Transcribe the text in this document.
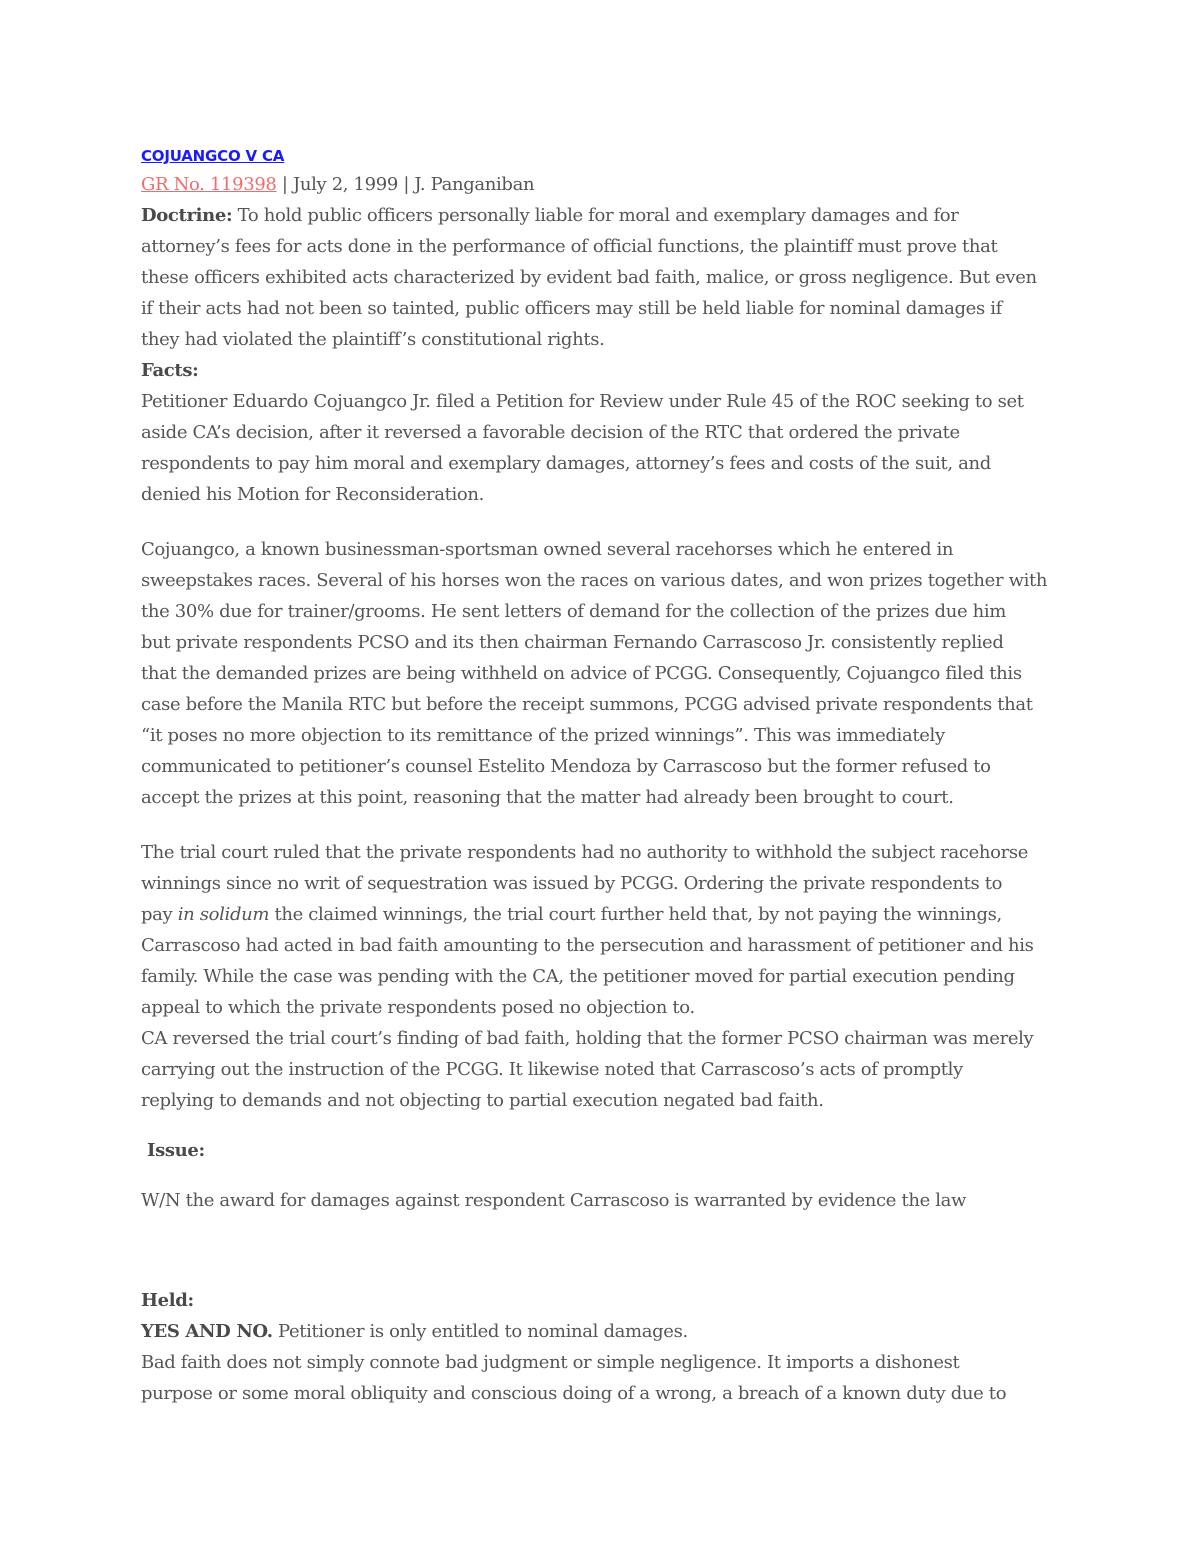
COJUANGCO V CA
GR No. 119398 | July 2, 1999 | J. Panganiban
Doctrine: To hold public officers personally liable for moral and exemplary damages and for
attorney’s fees for acts done in the performance of official functions, the plaintiff must prove that
these officers exhibited acts characterized by evident bad faith, malice, or gross negligence. But even
if their acts had not been so tainted, public officers may still be held liable for nominal damages if
they had violated the plaintiff’s constitutional rights.
Facts:
Petitioner Eduardo Cojuangco Jr. filed a Petition for Review under Rule 45 of the ROC seeking to set
aside CA’s decision, after it reversed a favorable decision of the RTC that ordered the private
respondents to pay him moral and exemplary damages, attorney’s fees and costs of the suit, and
denied his Motion for Reconsideration.
Cojuangco, a known businessman-sportsman owned several racehorses which he entered in
sweepstakes races. Several of his horses won the races on various dates, and won prizes together with
the 30% due for trainer/grooms. He sent letters of demand for the collection of the prizes due him
but private respondents PCSO and its then chairman Fernando Carrascoso Jr. consistently replied
that the demanded prizes are being withheld on advice of PCGG. Consequently, Cojuangco filed this
case before the Manila RTC but before the receipt summons, PCGG advised private respondents that
“it poses no more objection to its remittance of the prized winnings”. This was immediately
communicated to petitioner’s counsel Estelito Mendoza by Carrascoso but the former refused to
accept the prizes at this point, reasoning that the matter had already been brought to court.
The trial court ruled that the private respondents had no authority to withhold the subject racehorse
winnings since no writ of sequestration was issued by PCGG. Ordering the private respondents to
pay in solidum the claimed winnings, the trial court further held that, by not paying the winnings,
Carrascoso had acted in bad faith amounting to the persecution and harassment of petitioner and his
family. While the case was pending with the CA, the petitioner moved for partial execution pending
appeal to which the private respondents posed no objection to.
CA reversed the trial court’s finding of bad faith, holding that the former PCSO chairman was merely
carrying out the instruction of the PCGG. It likewise noted that Carrascoso’s acts of promptly
replying to demands and not objecting to partial execution negated bad faith.
Issue:
W/N the award for damages against respondent Carrascoso is warranted by evidence the law
Held:
YES AND NO. Petitioner is only entitled to nominal damages.
Bad faith does not simply connote bad judgment or simple negligence. It imports a dishonest
purpose or some moral obliquity and conscious doing of a wrong, a breach of a known duty due to
